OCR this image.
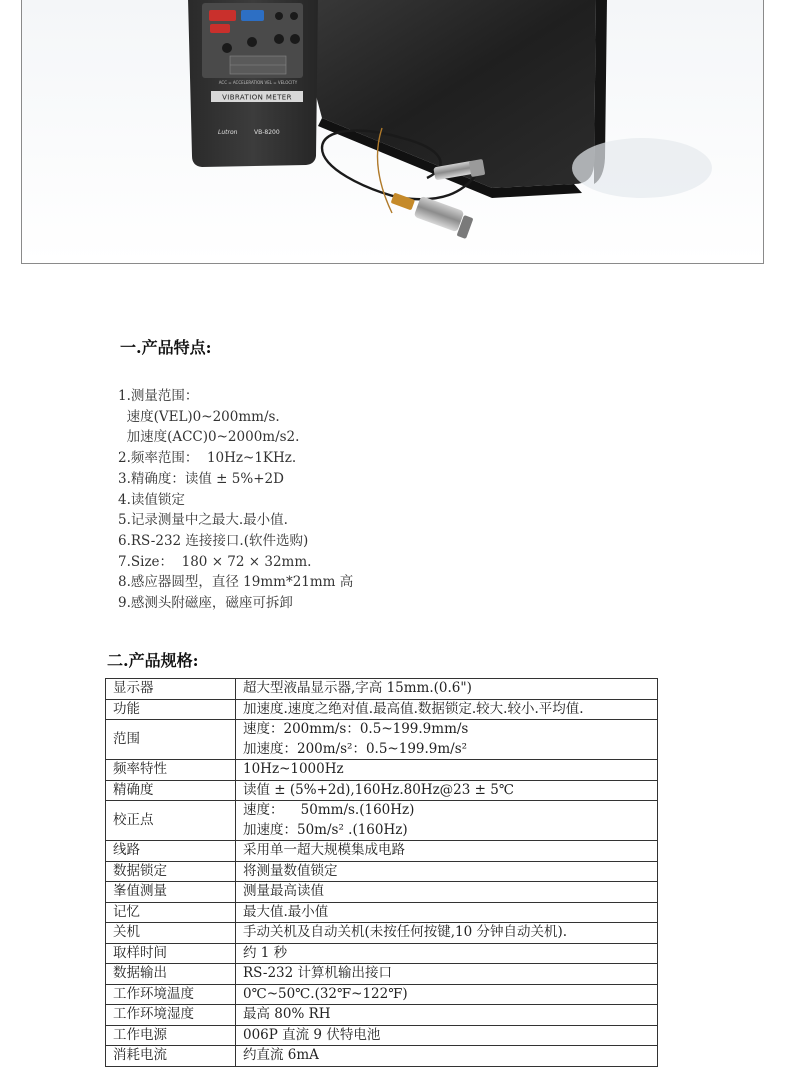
ACC = ACCELERATION VEL = VELOCITY
VIBRATION METER
Lutron	VB-8200
一.产品特点:
1.测量范围：
速度(VEL)0~200mm/s.
加速度(ACC)0~2000m/s2.
2.频率范围：  10Hz~1KHz.
3.精确度：读值 ± 5%+2D
4.读值锁定
5.记录测量中之最大.最小值.
6.RS-232 连接接口.(软件选购)
7.Size：  180 × 72 × 32mm.
8.感应器圆型，直径 19mm*21mm 高
9.感测头附磁座，磁座可拆卸
二.产品规格:
显示器	超大型液晶显示器,字高 15mm.(0.6")

功能	加速度.速度之绝对值.最高值.数据锁定.较大.较小.平均值.

范围	速度：200mm/s：0.5~199.9mm/s
加速度：200m/s²：0.5~199.9m/s²

频率特性	10Hz~1000Hz

精确度	读值 ± (5%+2d),160Hz.80Hz@23 ± 5℃

校正点	速度：    50mm/s.(160Hz)
加速度：50m/s² .(160Hz)

线路	采用单一超大规模集成电路

数据锁定	将测量数值锁定

峯值测量	测量最高读值

记忆	最大值.最小值

关机	手动关机及自动关机(未按任何按键,10 分钟自动关机).

取样时间	约 1 秒

数据输出	RS-232 计算机输出接口

工作环境温度	0℃~50℃.(32℉~122℉)

工作环境湿度	最高 80% RH

工作电源	006P 直流 9 伏特电池

消耗电流	约直流 6mA
